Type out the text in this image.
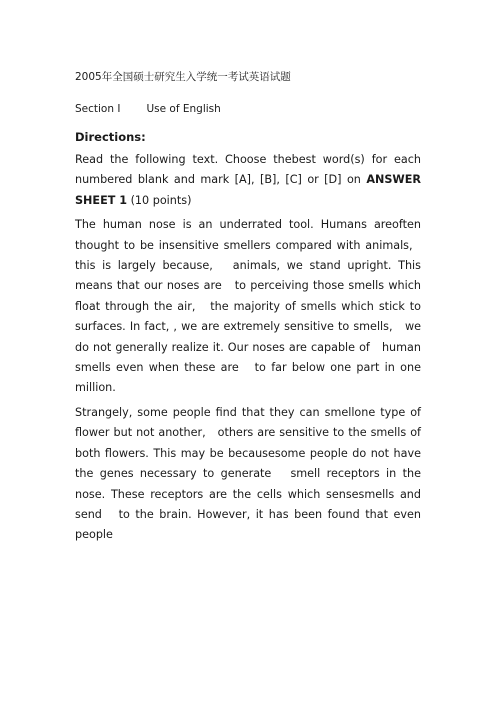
2005年全国硕士研究生入学统一考试英语试题
Section I Use of English
Directions:

Read the following text. Choose thebest word(s) for each numbered blank and mark [A], [B], [C] or [D] on ANSWER SHEET 1 (10 points)

The human nose is an underrated tool. Humans areoften thought to be insensitive smellers compared with animals,   this is largely because,   animals, we stand upright. This means that our noses are   to perceiving those smells which float through the air,   the majority of smells which stick to surfaces. In fact, , we are extremely sensitive to smells,   we do not generally realize it. Our noses are capable of   human smells even when these are   to far below one part in one million.

Strangely, some people find that they can smellone type of flower but not another,   others are sensitive to the smells of both flowers. This may be becausesome people do not have the genes necessary to generate   smell receptors in the nose. These receptors are the cells which sensesmells and send   to the brain. However, it has been found that even people
